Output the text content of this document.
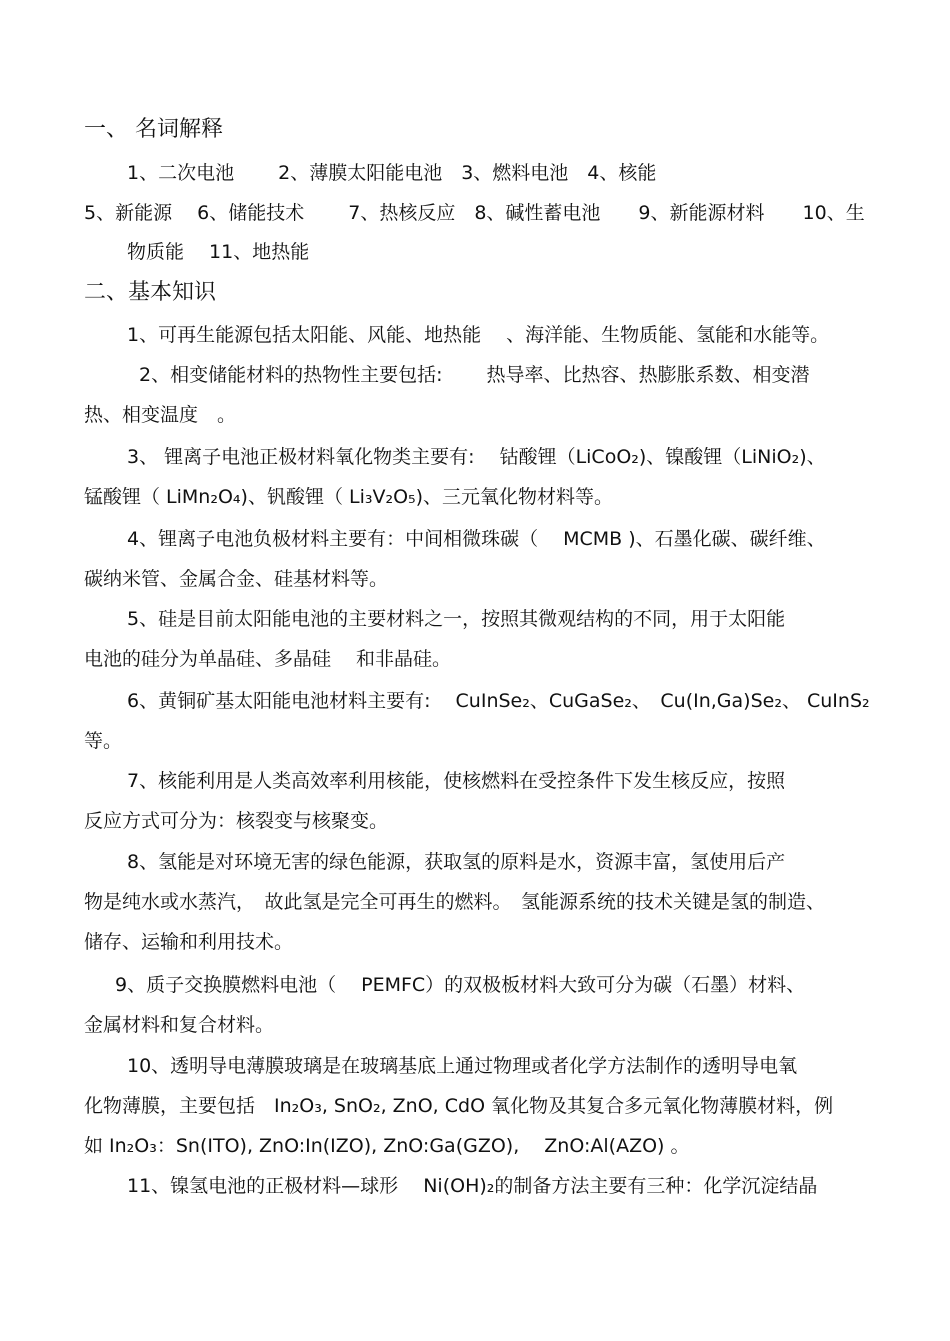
一、 名词解释
1、二次电池　　 2、薄膜太阳能电池　3、燃料电池　4、核能
5、新能源　 6、储能技术　　 7、热核反应　8、碱性蓄电池　　9、新能源材料　　10、生
物质能　 11、地热能
二、基本知识
1、可再生能源包括太阳能、风能、地热能　 、海洋能、生物质能、氢能和水能等。
2、相变储能材料的热物性主要包括:　　 热导率、比热容、热膨胀系数、相变潜
热、相变温度　。
3、 锂离子电池正极材料氧化物类主要有:　 钴酸锂（LiCoO₂)、镍酸锂（LiNiO₂)、
锰酸锂（ LiMn₂O₄)、钒酸锂（ Li₃V₂O₅)、三元氧化物材料等。
4、锂离子电池负极材料主要有：中间相微珠碳（　 MCMB )、石墨化碳、碳纤维、
碳纳米管、金属合金、硅基材料等。
5、硅是目前太阳能电池的主要材料之一，按照其微观结构的不同，用于太阳能
电池的硅分为单晶硅、多晶硅　 和非晶硅。
6、黄铜矿基太阳能电池材料主要有:　 CuInSe₂、CuGaSe₂、　Cu(In,Ga)Se₂、 CuInS₂
等。
7、核能利用是人类高效率利用核能，使核燃料在受控条件下发生核反应，按照
反应方式可分为：核裂变与核聚变。
8、氢能是对环境无害的绿色能源，获取氢的原料是水，资源丰富，氢使用后产
物是纯水或水蒸汽，　故此氢是完全可再生的燃料。　氢能源系统的技术关键是氢的制造、
储存、运输和利用技术。
9、质子交换膜燃料电池（　 PEMFC）的双极板材料大致可分为碳（石墨）材料、
金属材料和复合材料。
10、透明导电薄膜玻璃是在玻璃基底上通过物理或者化学方法制作的透明导电氧
化物薄膜，主要包括　In₂O₃, SnO₂, ZnO, CdO 氧化物及其复合多元氧化物薄膜材料，例
如 In₂O₃：Sn(ITO), ZnO:In(IZO), ZnO:Ga(GZO),　 ZnO:Al(AZO) 。
11、镍氢电池的正极材料—球形　 Ni(OH)₂的制备方法主要有三种：化学沉淀结晶
